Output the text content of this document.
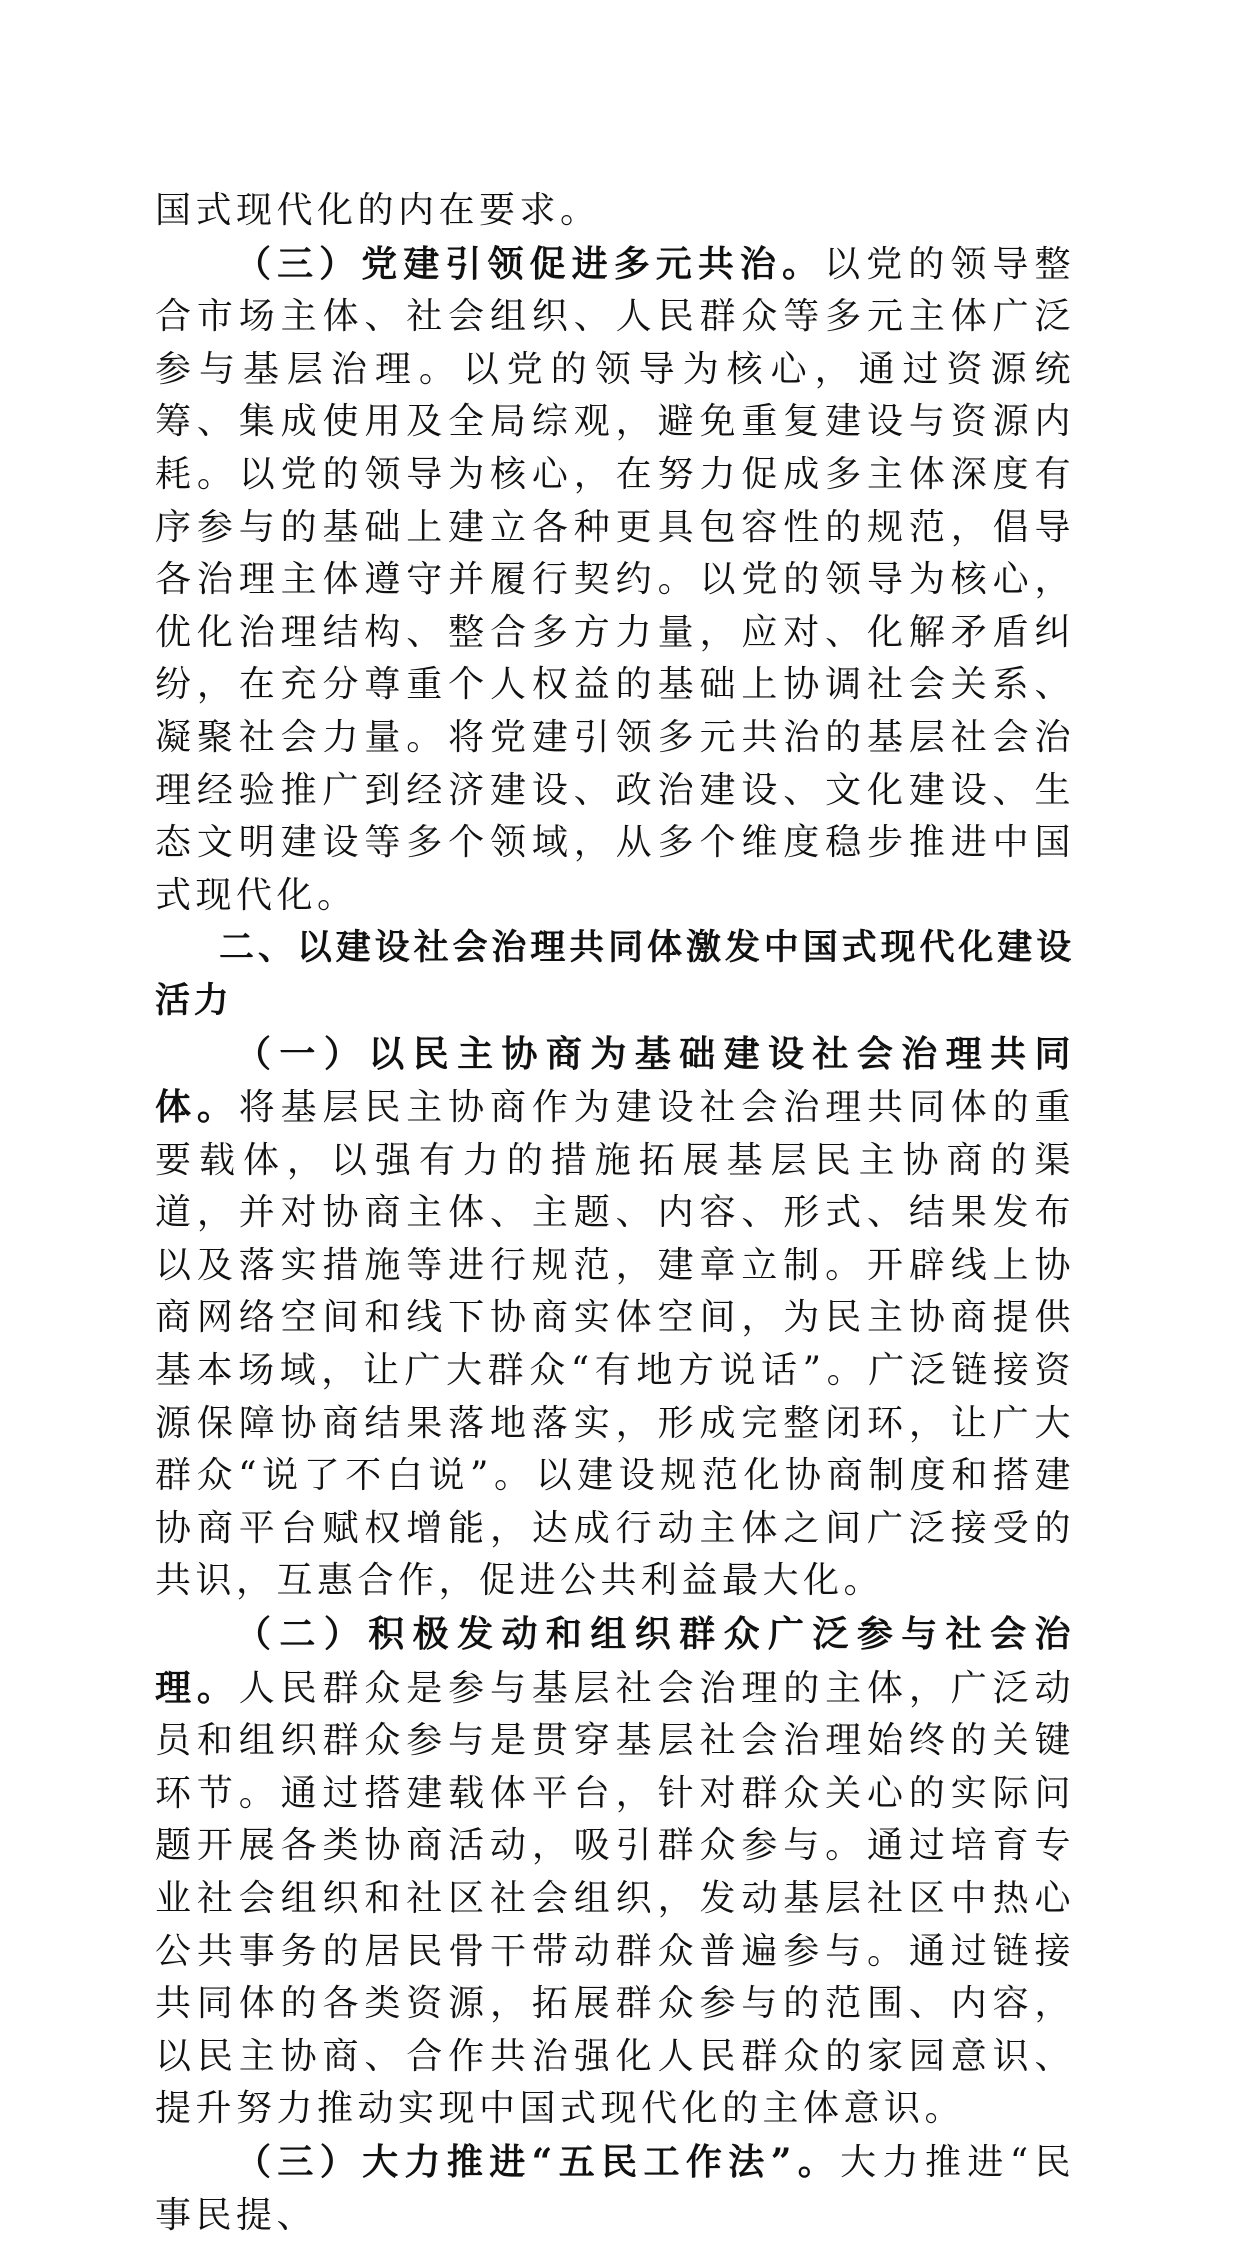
国式现代化的内在要求。

（三）党建引领促进多元共治。以党的领导整合市场主体、社会组织、人民群众等多元主体广泛参与基层治理。以党的领导为核心，通过资源统筹、集成使用及全局综观，避免重复建设与资源内耗。以党的领导为核心，在努力促成多主体深度有序参与的基础上建立各种更具包容性的规范，倡导各治理主体遵守并履行契约。以党的领导为核心，优化治理结构、整合多方力量，应对、化解矛盾纠纷，在充分尊重个人权益的基础上协调社会关系、凝聚社会力量。将党建引领多元共治的基层社会治理经验推广到经济建设、政治建设、文化建设、生态文明建设等多个领域，从多个维度稳步推进中国式现代化。

二、以建设社会治理共同体激发中国式现代化建设活力

（一）以民主协商为基础建设社会治理共同体。将基层民主协商作为建设社会治理共同体的重要载体，以强有力的措施拓展基层民主协商的渠道，并对协商主体、主题、内容、形式、结果发布以及落实措施等进行规范，建章立制。开辟线上协商网络空间和线下协商实体空间，为民主协商提供基本场域，让广大群众“有地方说话”。广泛链接资源保障协商结果落地落实，形成完整闭环，让广大群众“说了不白说”。以建设规范化协商制度和搭建协商平台赋权增能，达成行动主体之间广泛接受的共识，互惠合作，促进公共利益最大化。

（二）积极发动和组织群众广泛参与社会治理。人民群众是参与基层社会治理的主体，广泛动员和组织群众参与是贯穿基层社会治理始终的关键环节。通过搭建载体平台，针对群众关心的实际问题开展各类协商活动，吸引群众参与。通过培育专业社会组织和社区社会组织，发动基层社区中热心公共事务的居民骨干带动群众普遍参与。通过链接共同体的各类资源，拓展群众参与的范围、内容，以民主协商、合作共治强化人民群众的家园意识、提升努力推动实现中国式现代化的主体意识。

（三）大力推进“五民工作法”。大力推进“民事民提、
